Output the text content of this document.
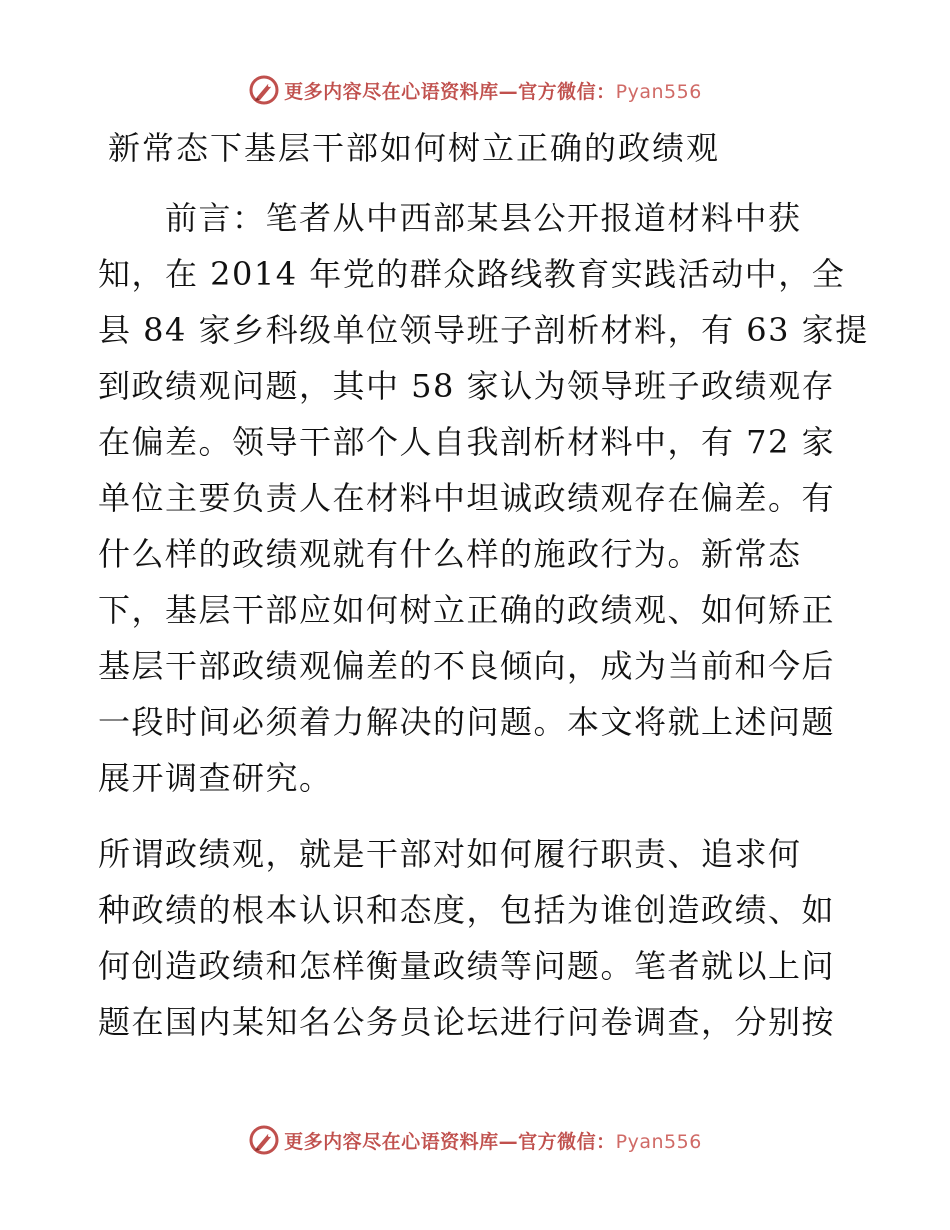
更多内容尽在心语资料库—官方微信：Pyan556
新常态下基层干部如何树立正确的政绩观
　　前言：笔者从中西部某县公开报道材料中获
知，在 2014 年党的群众路线教育实践活动中，全
县 84 家乡科级单位领导班子剖析材料，有 63 家提
到政绩观问题，其中 58 家认为领导班子政绩观存
在偏差。领导干部个人自我剖析材料中，有 72 家
单位主要负责人在材料中坦诚政绩观存在偏差。有
什么样的政绩观就有什么样的施政行为。新常态
下，基层干部应如何树立正确的政绩观、如何矫正
基层干部政绩观偏差的不良倾向，成为当前和今后
一段时间必须着力解决的问题。本文将就上述问题
展开调查研究。
所谓政绩观，就是干部对如何履行职责、追求何
种政绩的根本认识和态度，包括为谁创造政绩、如
何创造政绩和怎样衡量政绩等问题。笔者就以上问
题在国内某知名公务员论坛进行问卷调查，分别按
更多内容尽在心语资料库—官方微信：Pyan556
